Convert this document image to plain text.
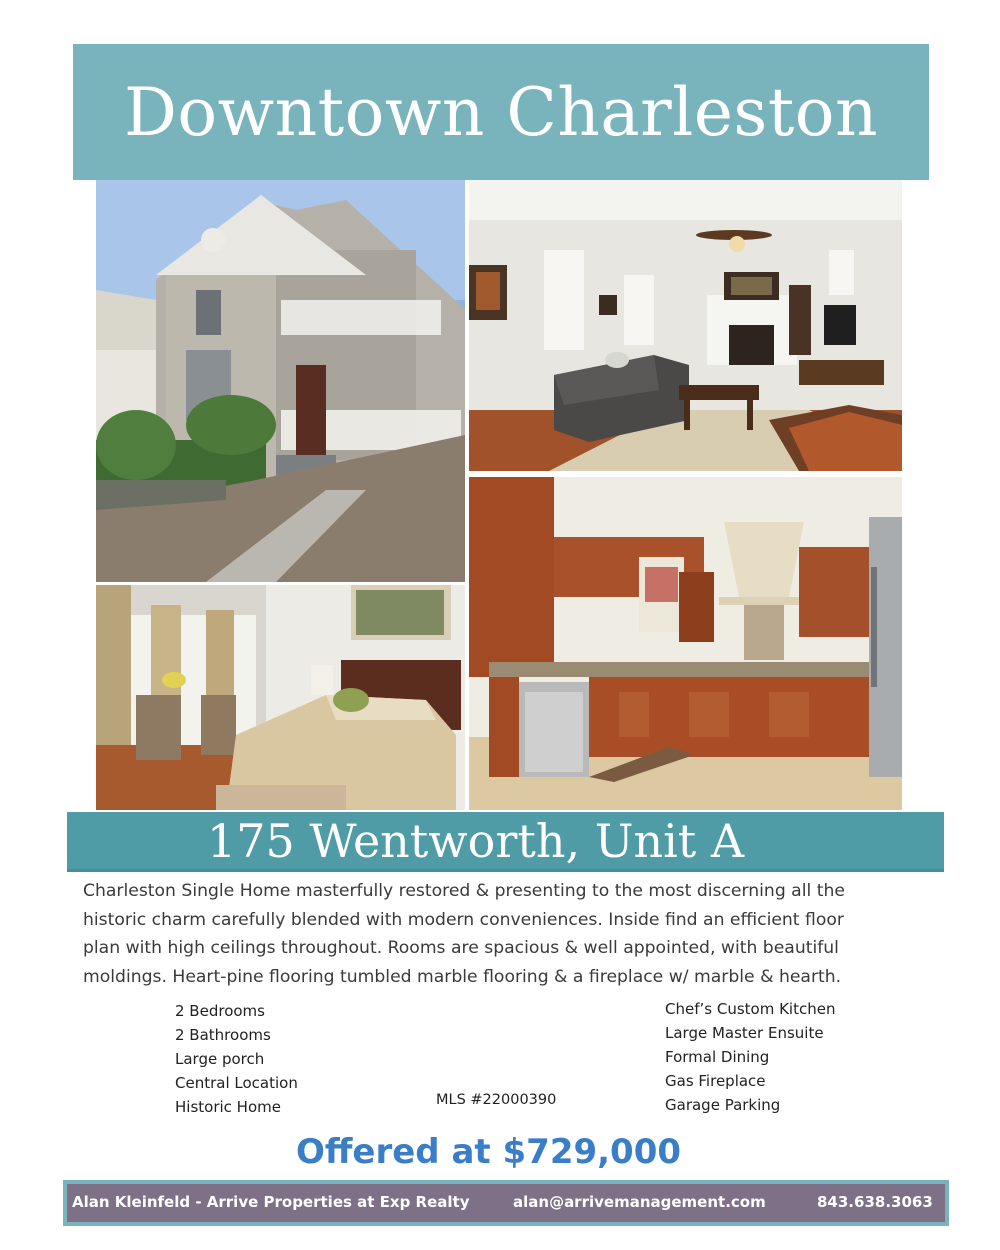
Downtown Charleston
175 Wentworth, Unit A

Charleston Single Home masterfully restored & presenting to the most discerning all the
historic charm carefully blended with modern conveniences. Inside find an efficient floor
plan with high ceilings throughout. Rooms are spacious & well appointed, with beautiful
moldings. Heart-pine flooring tumbled marble flooring & a fireplace w/ marble & hearth.

2 Bedrooms
2 Bathrooms
Large porch
Central Location
Historic Home	MLS #22000390
Chef’s Custom Kitchen
Large Master Ensuite
Formal Dining
Gas Fireplace
Garage Parking
Offered at $729,000
Alan Kleinfeld - Arrive Properties at Exp Realty	alan@arrivemanagement.com	843.638.3063
